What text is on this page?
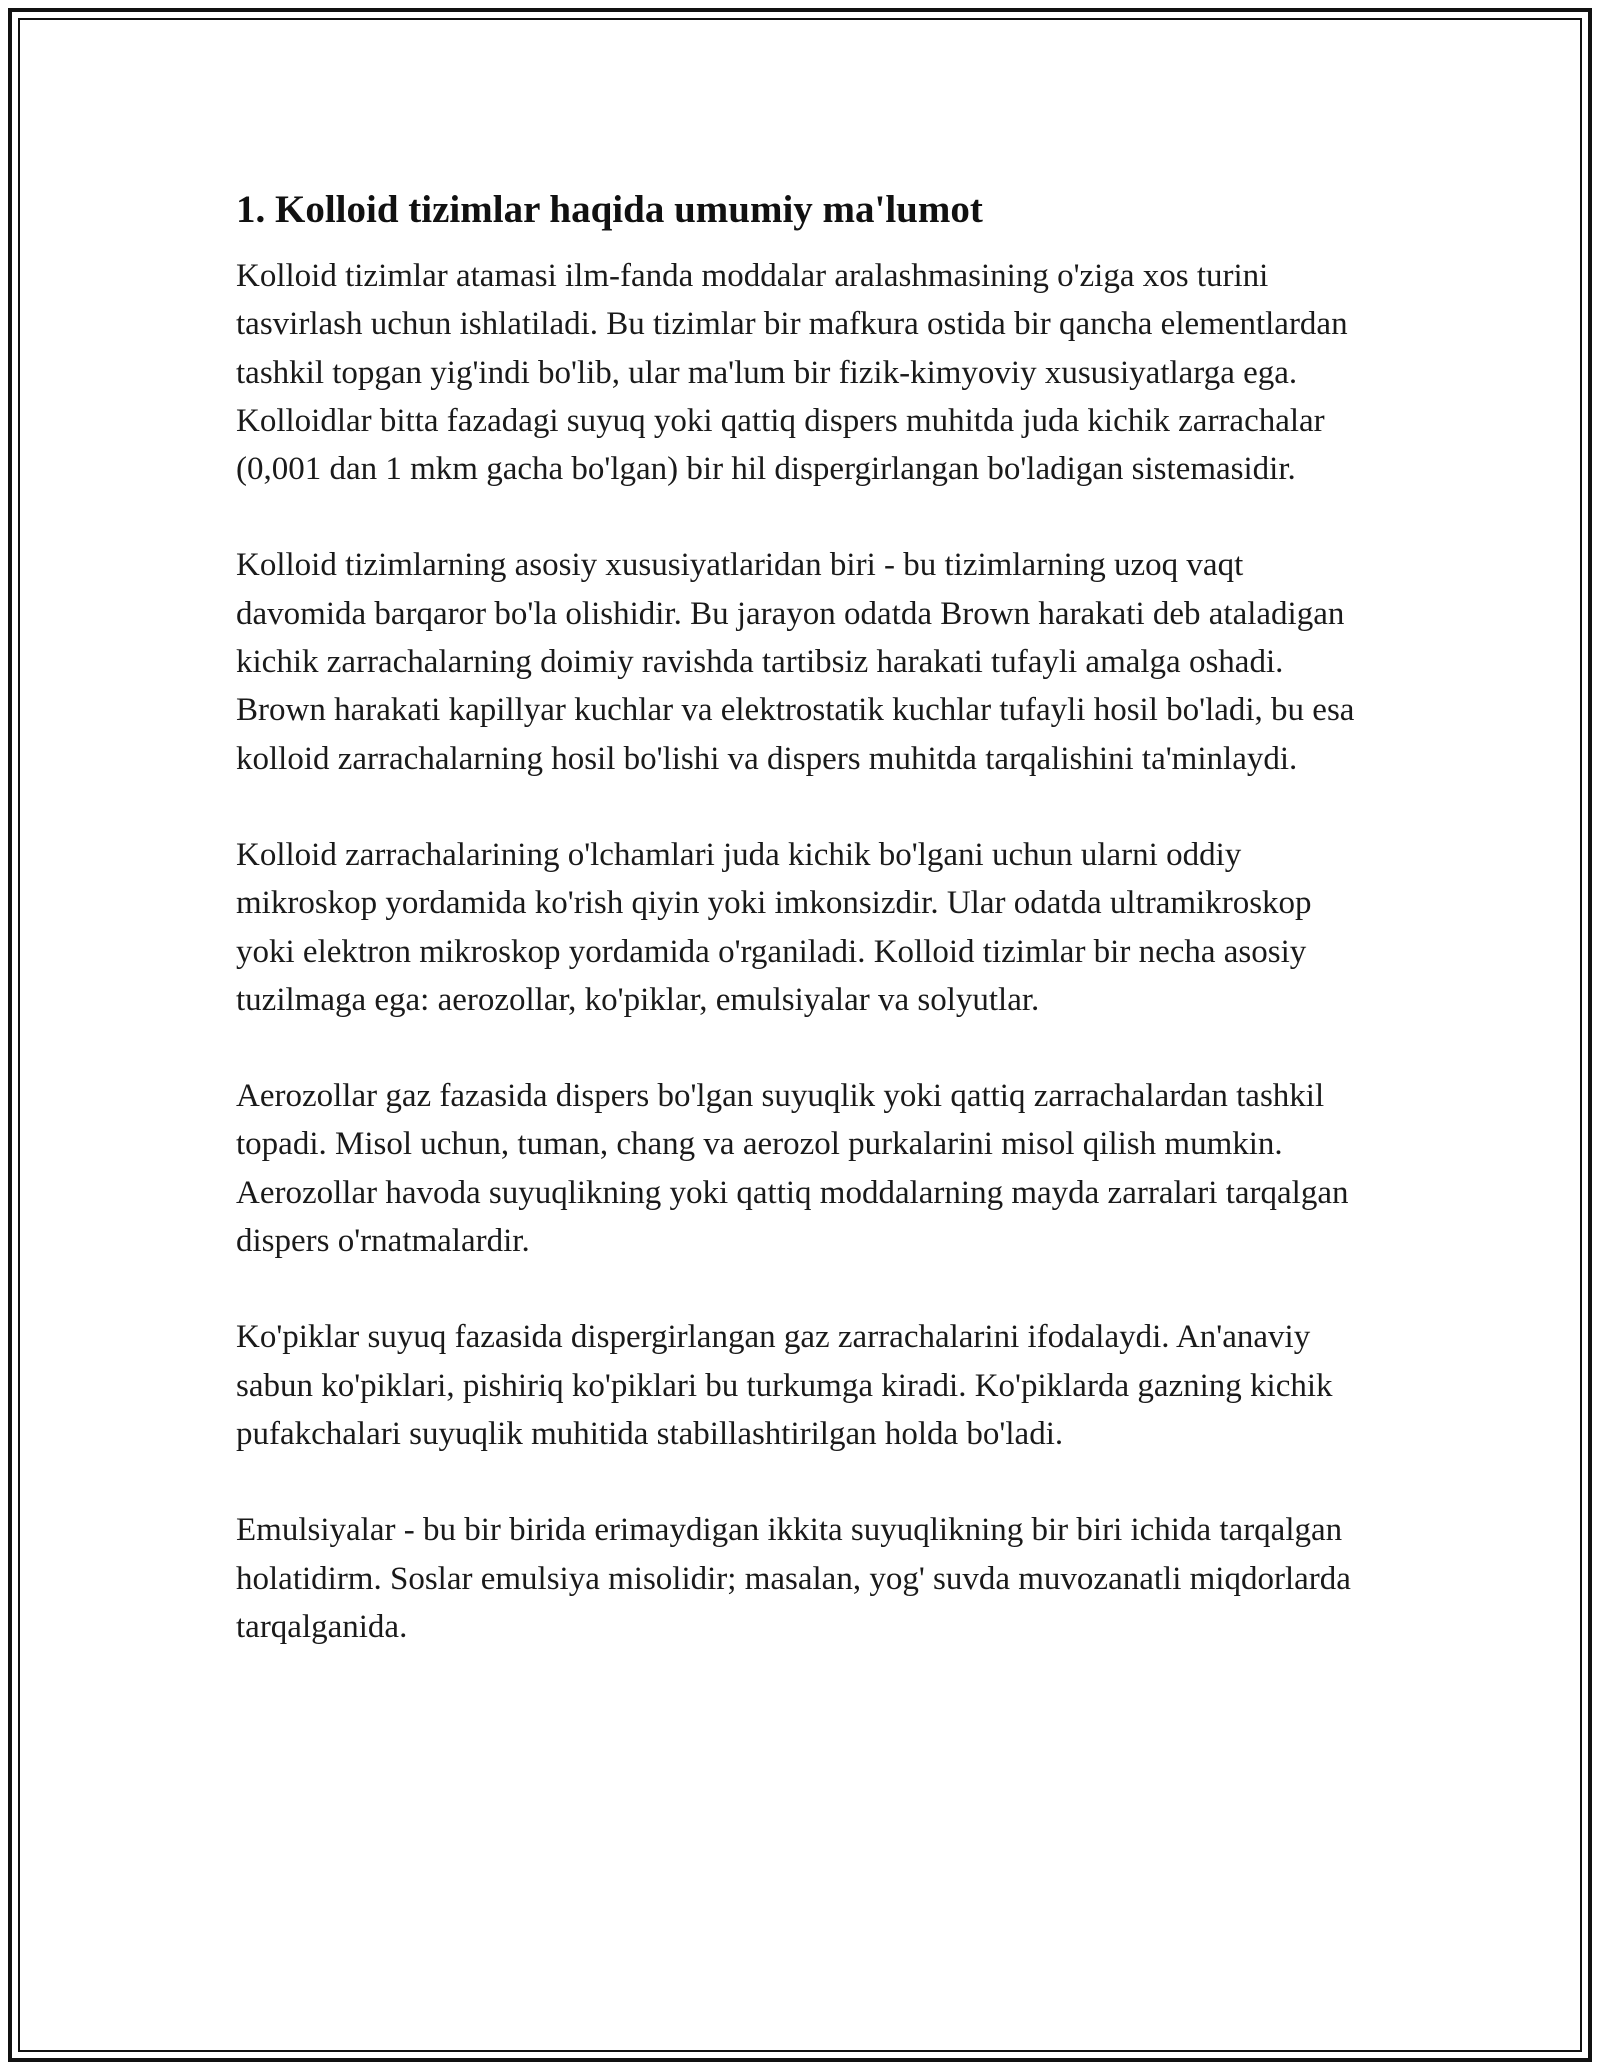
1. Kolloid tizimlar haqida umumiy ma'lumot

Kolloid tizimlar atamasi ilm-fanda moddalar aralashmasining o'ziga xos turini tasvirlash uchun ishlatiladi. Bu tizimlar bir mafkura ostida bir qancha elementlardan tashkil topgan yig'indi bo'lib, ular ma'lum bir fizik-kimyoviy xususiyatlarga ega. Kolloidlar bitta fazadagi suyuq yoki qattiq dispers muhitda juda kichik zarrachalar (0,001 dan 1 mkm gacha bo'lgan) bir hil dispergirlangan bo'ladigan sistemasidir.

Kolloid tizimlarning asosiy xususiyatlaridan biri - bu tizimlarning uzoq vaqt davomida barqaror bo'la olishidir. Bu jarayon odatda Brown harakati deb ataladigan kichik zarrachalarning doimiy ravishda tartibsiz harakati tufayli amalga oshadi. Brown harakati kapillyar kuchlar va elektrostatik kuchlar tufayli hosil bo'ladi, bu esa kolloid zarrachalarning hosil bo'lishi va dispers muhitda tarqalishini ta'minlaydi.

Kolloid zarrachalarining o'lchamlari juda kichik bo'lgani uchun ularni oddiy mikroskop yordamida ko'rish qiyin yoki imkonsizdir. Ular odatda ultramikroskop yoki elektron mikroskop yordamida o'rganiladi. Kolloid tizimlar bir necha asosiy tuzilmaga ega: aerozollar, ko'piklar, emulsiyalar va solyutlar.

Aerozollar gaz fazasida dispers bo'lgan suyuqlik yoki qattiq zarrachalardan tashkil topadi. Misol uchun, tuman, chang va aerozol purkalarini misol qilish mumkin. Aerozollar havoda suyuqlikning yoki qattiq moddalarning mayda zarralari tarqalgan dispers o'rnatmalardir.

Ko'piklar suyuq fazasida dispergirlangan gaz zarrachalarini ifodalaydi. An'anaviy sabun ko'piklari, pishiriq ko'piklari bu turkumga kiradi. Ko'piklarda gazning kichik pufakchalari suyuqlik muhitida stabillashtirilgan holda bo'ladi.

Emulsiyalar - bu bir birida erimaydigan ikkita suyuqlikning bir biri ichida tarqalgan holatidirm. Soslar emulsiya misolidir; masalan, yog' suvda muvozanatli miqdorlarda tarqalganida.
